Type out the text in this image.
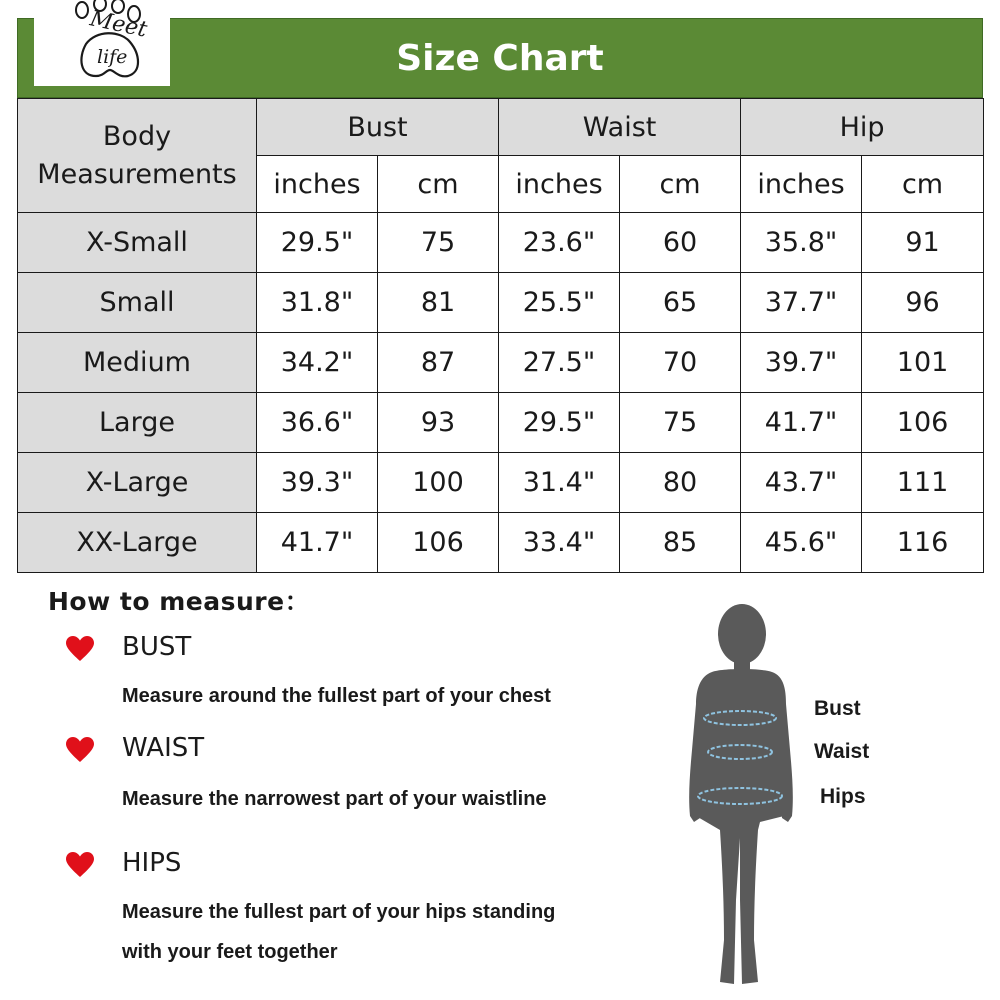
Size Chart
Meet
life
Body Measurements	Bust		Waist		Hip	
	inches	cm	inches	cm	inches	cm
X-Small	29.5"	75	23.6"	60	35.8"	91
Small	31.8"	81	25.5"	65	37.7"	96
Medium	34.2"	87	27.5"	70	39.7"	101
Large	36.6"	93	29.5"	75	41.7"	106
X-Large	39.3"	100	31.4"	80	43.7"	111
XX-Large	41.7"	106	33.4"	85	45.6"	116
How to measure：
BUST
Measure around the fullest part of your chest
WAIST
Measure the narrowest part of your waistline
HIPS
Measure the fullest part of your hips standing with your feet together
Bust
Waist
Hips
